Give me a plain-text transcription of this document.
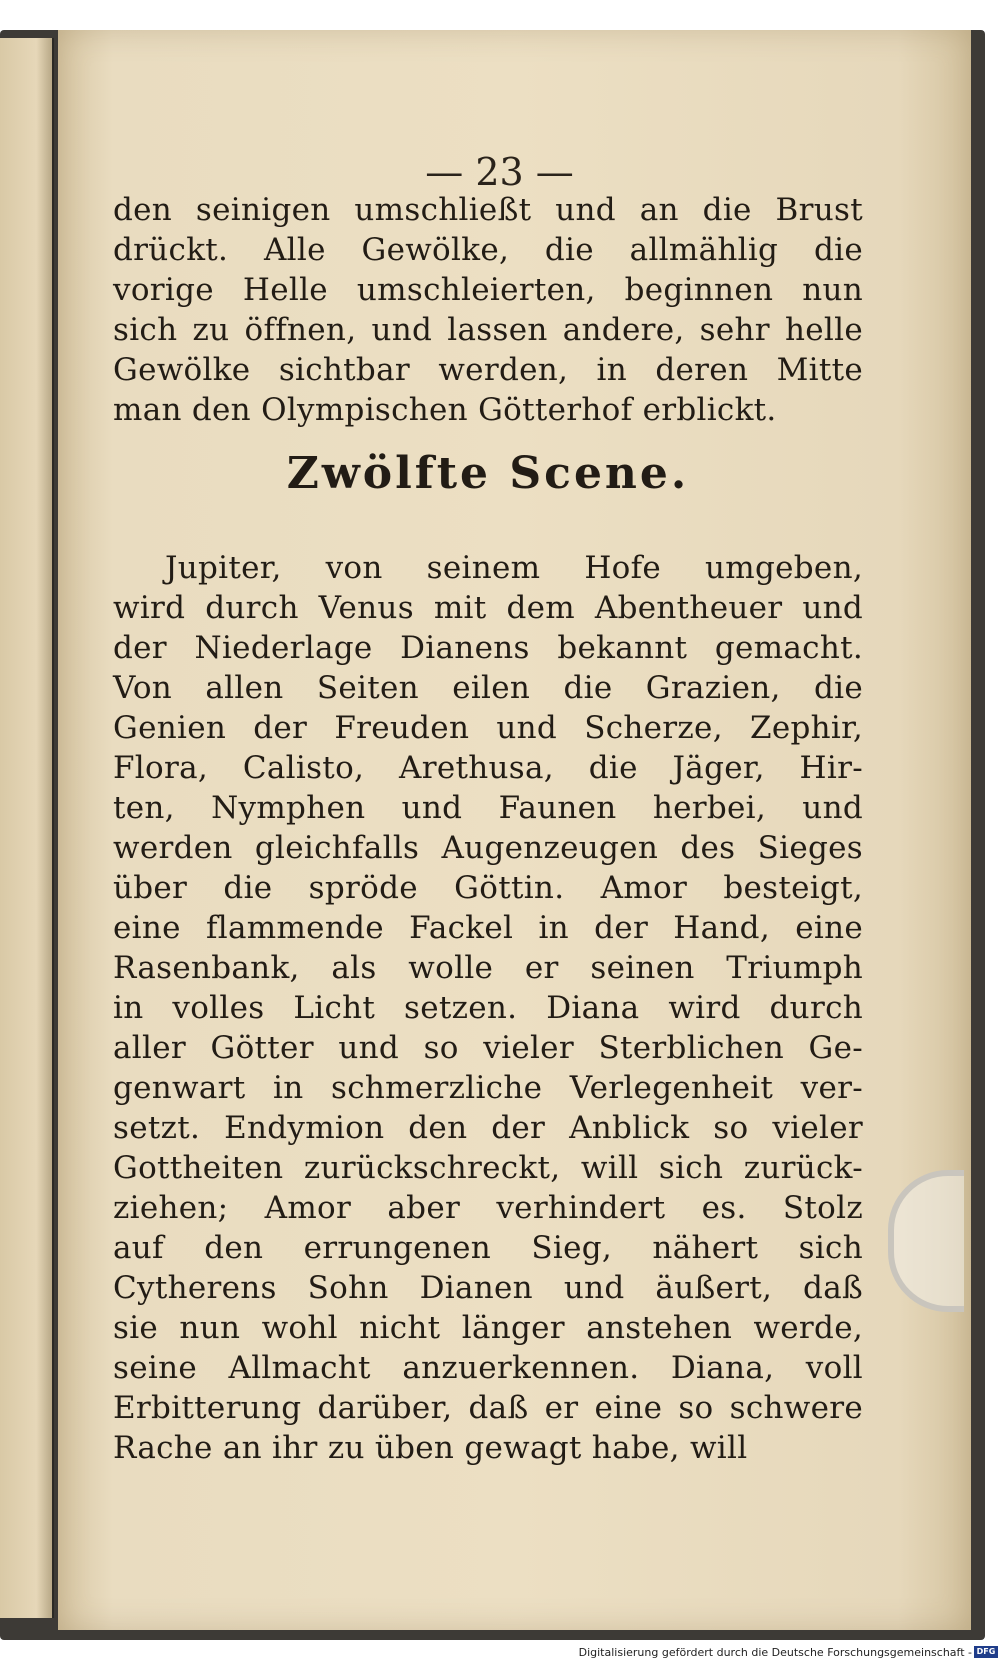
— 23 —
den seinigen umschließt und an die Brust
drückt. Alle Gewölke, die allmählig die
vorige Helle umschleierten, beginnen nun
sich zu öffnen, und lassen andere, sehr helle
Gewölke sichtbar werden, in deren Mitte
man den Olympischen Götterhof erblickt.
Zwölfte Scene.
Jupiter, von seinem Hofe umgeben,
wird durch Venus mit dem Abentheuer und
der Niederlage Dianens bekannt gemacht.
Von allen Seiten eilen die Grazien, die
Genien der Freuden und Scherze, Zephir,
Flora, Calisto, Arethusa, die Jäger, Hir-
ten, Nymphen und Faunen herbei, und
werden gleichfalls Augenzeugen des Sieges
über die spröde Göttin. Amor besteigt,
eine flammende Fackel in der Hand, eine
Rasenbank, als wolle er seinen Triumph
in volles Licht setzen. Diana wird durch
aller Götter und so vieler Sterblichen Ge-
genwart in schmerzliche Verlegenheit ver-
setzt. Endymion den der Anblick so vieler
Gottheiten zurückschreckt, will sich zurück-
ziehen; Amor aber verhindert es. Stolz
auf den errungenen Sieg, nähert sich
Cytherens Sohn Dianen und äußert, daß
sie nun wohl nicht länger anstehen werde,
seine Allmacht anzuerkennen. Diana, voll
Erbitterung darüber, daß er eine so schwere
Rache an ihr zu üben gewagt habe, will
Digitalisierung gefördert durch die Deutsche Forschungsgemeinschaft - DFG
